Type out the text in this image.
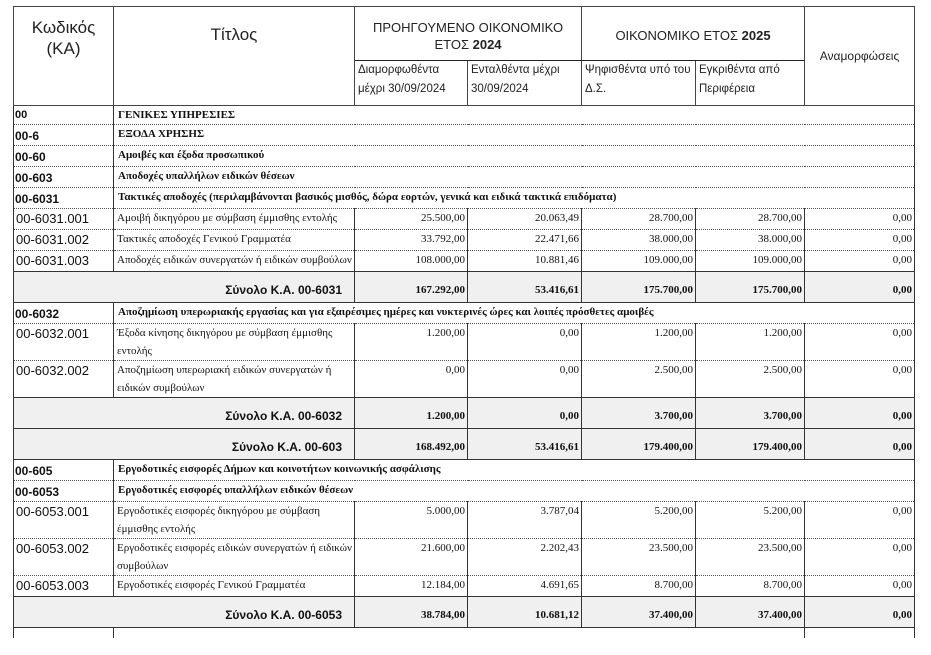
Κωδικός (ΚΑ)	Τίτλος	ΠΡΟΗΓΟΥΜΕΝΟ ΟΙΚΟΝΟΜΙΚΟ ΕΤΟΣ 2024		ΟΙΚΟΝΟΜΙΚΟ ΕΤΟΣ 2025		Αναμορφώσεις
		Διαμορφωθέντα μέχρι 30/09/2024	Ενταλθέντα μέχρι 30/09/2024	Ψηφισθέντα υπό του Δ.Σ.	Εγκριθέντα από Περιφέρεια	
00	ΓΕΝΙΚΕΣ ΥΠΗΡΕΣΙΕΣ					
00-6	ΕΞΟΔΑ ΧΡΗΣΗΣ					
00-60	Αμοιβές και έξοδα προσωπικού					
00-603	Αποδοχές υπαλλήλων ειδικών θέσεων					
00-6031	Τακτικές αποδοχές (περιλαμβάνονται βασικός μισθός, δώρα εορτών, γενικά και ειδικά τακτικά επιδόματα)					
00-6031.001	Αμοιβή δικηγόρου με σύμβαση έμμισθης εντολής	25.500,00	20.063,49	28.700,00	28.700,00	0,00
00-6031.002	Τακτικές αποδοχές Γενικού Γραμματέα	33.792,00	22.471,66	38.000,00	38.000,00	0,00
00-6031.003	Αποδοχές ειδικών συνεργατών ή ειδικών συμβούλων	108.000,00	10.881,46	109.000,00	109.000,00	0,00
Σύνολο Κ.Α. 00-6031		167.292,00	53.416,61	175.700,00	175.700,00	0,00
00-6032	Αποζημίωση υπερωριακής εργασίας και για εξαιρέσιμες ημέρες και νυκτερινές ώρες και λοιπές πρόσθετες αμοιβές					
00-6032.001	Έξοδα κίνησης δικηγόρου με σύμβαση έμμισθης εντολής	1.200,00	0,00	1.200,00	1.200,00	0,00
00-6032.002	Αποζημίωση υπερωριακή ειδικών συνεργατών ή ειδικών συμβούλων	0,00	0,00	2.500,00	2.500,00	0,00
Σύνολο Κ.Α. 00-6032		1.200,00	0,00	3.700,00	3.700,00	0,00
Σύνολο Κ.Α. 00-603		168.492,00	53.416,61	179.400,00	179.400,00	0,00
00-605	Εργοδοτικές εισφορές Δήμων και κοινοτήτων κοινωνικής ασφάλισης					
00-6053	Εργοδοτικές εισφορές υπαλλήλων ειδικών θέσεων					
00-6053.001	Εργοδοτικές εισφορές δικηγόρου με σύμβαση έμμισθης εντολής	5.000,00	3.787,04	5.200,00	5.200,00	0,00
00-6053.002	Εργοδοτικές εισφορές ειδικών συνεργατών ή ειδικών συμβούλων	21.600,00	2.202,43	23.500,00	23.500,00	0,00
00-6053.003	Εργοδοτικές εισφορές Γενικού Γραμματέα	12.184,00	4.691,65	8.700,00	8.700,00	0,00
Σύνολο Κ.Α. 00-6053		38.784,00	10.681,12	37.400,00	37.400,00	0,00
